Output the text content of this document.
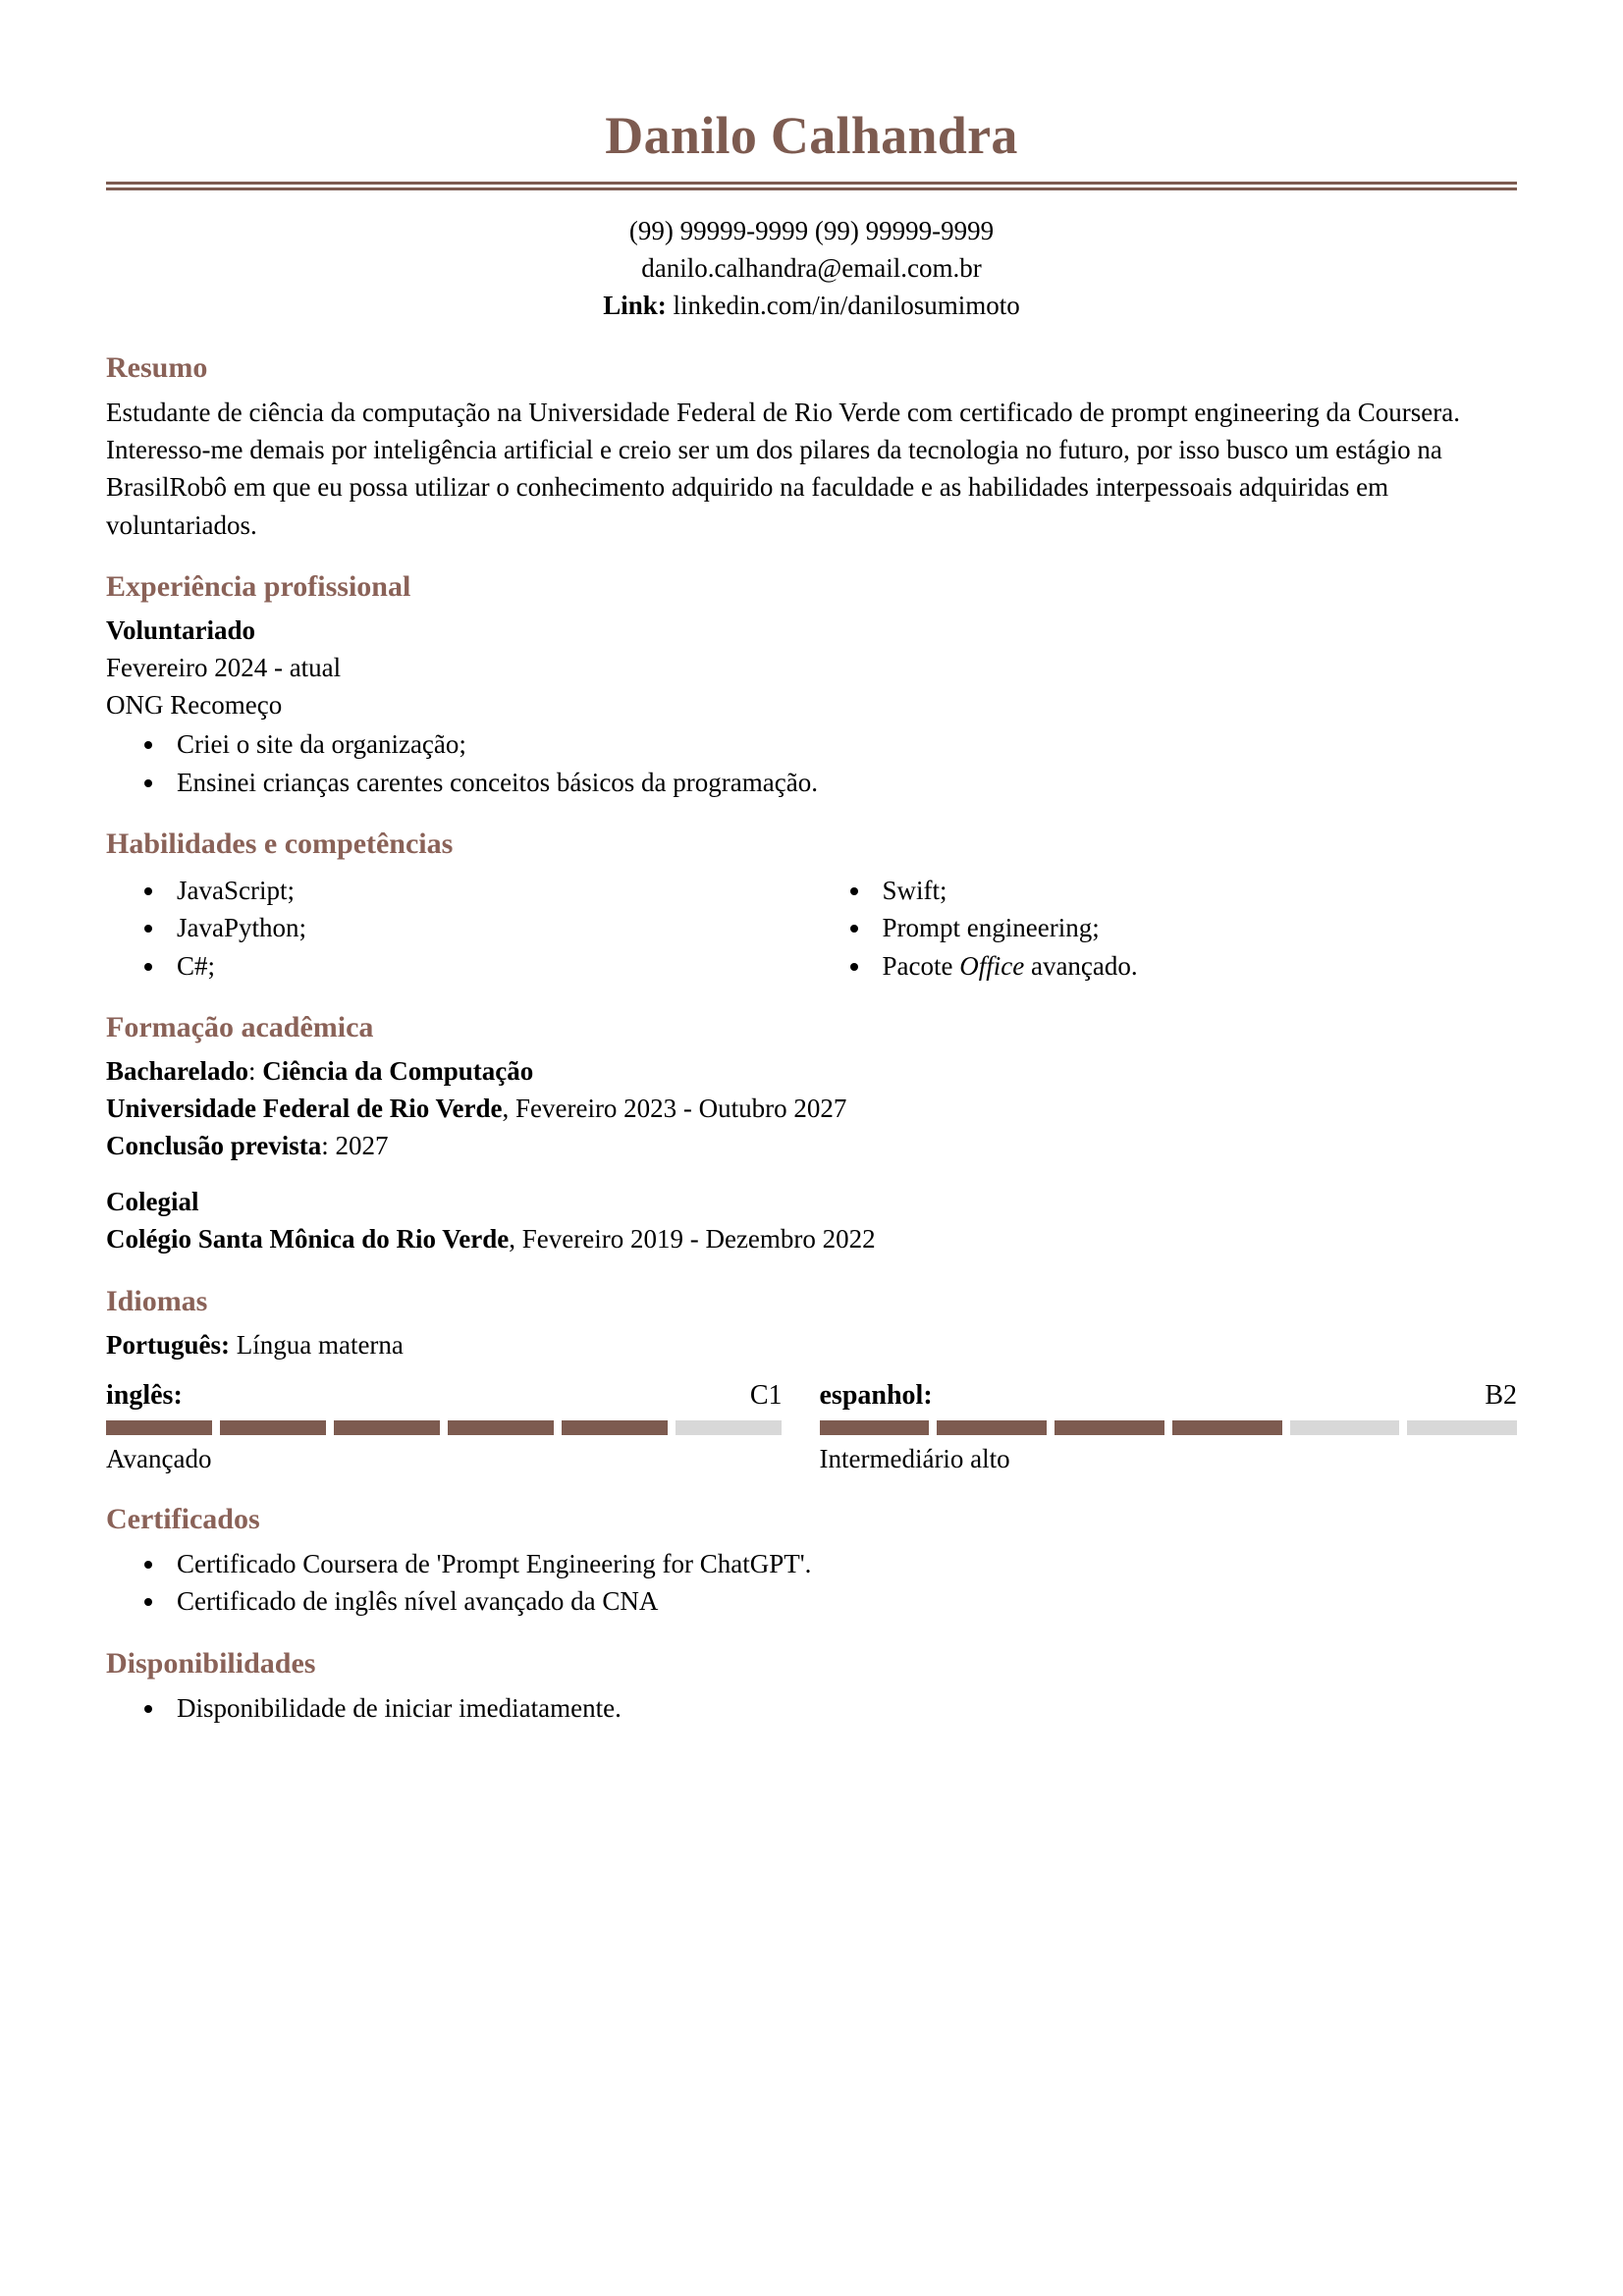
Danilo Calhandra
(99) 99999-9999 (99) 99999-9999
danilo.calhandra@email.com.br
Link: linkedin.com/in/danilosumimoto
Resumo

Estudante de ciência da computação na Universidade Federal de Rio Verde com certificado de prompt engineering da Coursera. Interesso-me demais por inteligência artificial e creio ser um dos pilares da tecnologia no futuro, por isso busco um estágio na BrasilRobô em que eu possa utilizar o conhecimento adquirido na faculdade e as habilidades interpessoais adquiridas em voluntariados.

Experiência profissional
Voluntariado
Fevereiro 2024 - atual
ONG Recomeço
• Criei o site da organização;
• Ensinei crianças carentes conceitos básicos da programação.
Habilidades e competências
• JavaScript;
• JavaPython;
• C#;
• Swift;
• Prompt engineering;
• Pacote Office avançado.
Formação acadêmica
Bacharelado: Ciência da Computação
Universidade Federal de Rio Verde, Fevereiro 2023 - Outubro 2027
Conclusão prevista: 2027
Colegial
Colégio Santa Mônica do Rio Verde, Fevereiro 2019 - Dezembro 2022
Idiomas
Português: Língua materna
inglês:	C1
Avançado
espanhol:	B2
Intermediário alto
Certificados
• Certificado Coursera de 'Prompt Engineering for ChatGPT'.
• Certificado de inglês nível avançado da CNA
Disponibilidades
• Disponibilidade de iniciar imediatamente.
